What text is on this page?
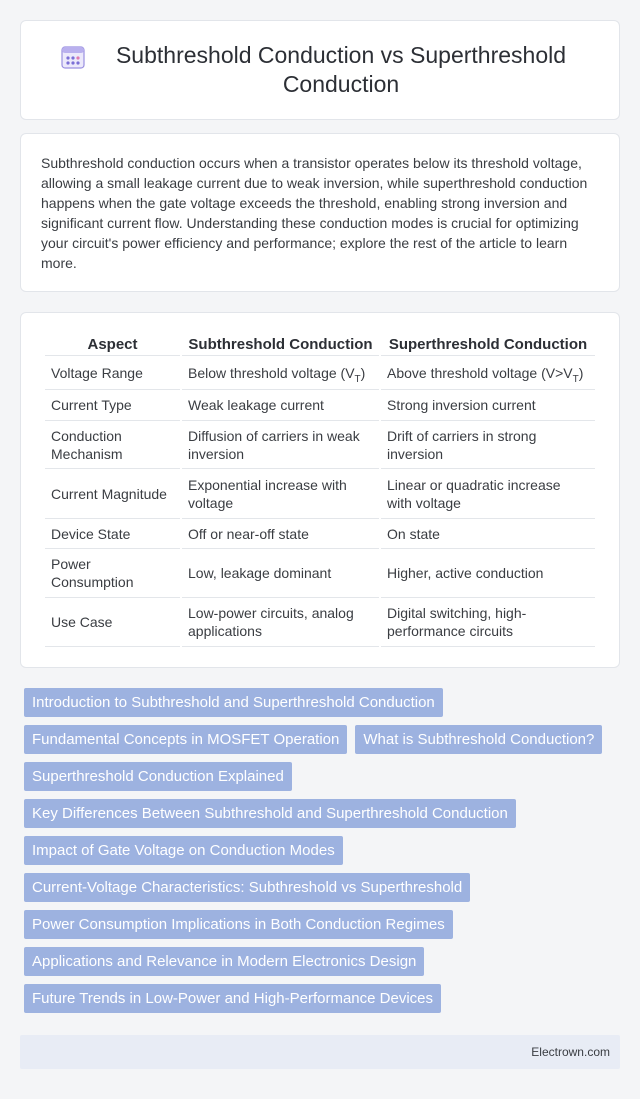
Subthreshold Conduction vs Superthreshold Conduction

Subthreshold conduction occurs when a transistor operates below its threshold voltage, allowing a small leakage current due to weak inversion, while superthreshold conduction happens when the gate voltage exceeds the threshold, enabling strong inversion and significant current flow. Understanding these conduction modes is crucial for optimizing your circuit's power efficiency and performance; explore the rest of the article to learn more.

Aspect	Subthreshold Conduction	Superthreshold Conduction
Voltage Range	Below threshold voltage $(V_T)$	Above threshold voltage $(V>V_T)$
Current Type	Weak leakage current	Strong inversion current
Conduction Mechanism	Diffusion of carriers in weak inversion	Drift of carriers in strong inversion
Current Magnitude	Exponential increase with voltage	Linear or quadratic increase with voltage
Device State	Off or near-off state	On state
Power Consumption	Low, leakage dominant	Higher, active conduction
Use Case	Low-power circuits, analog applications	Digital switching, high-performance circuits
Introduction to Subthreshold and Superthreshold Conduction
Fundamental Concepts in MOSFET Operation	What is Subthreshold Conduction?
Superthreshold Conduction Explained
Key Differences Between Subthreshold and Superthreshold Conduction
Impact of Gate Voltage on Conduction Modes
Current-Voltage Characteristics: Subthreshold vs Superthreshold
Power Consumption Implications in Both Conduction Regimes
Applications and Relevance in Modern Electronics Design
Future Trends in Low-Power and High-Performance Devices
Electrown.com
